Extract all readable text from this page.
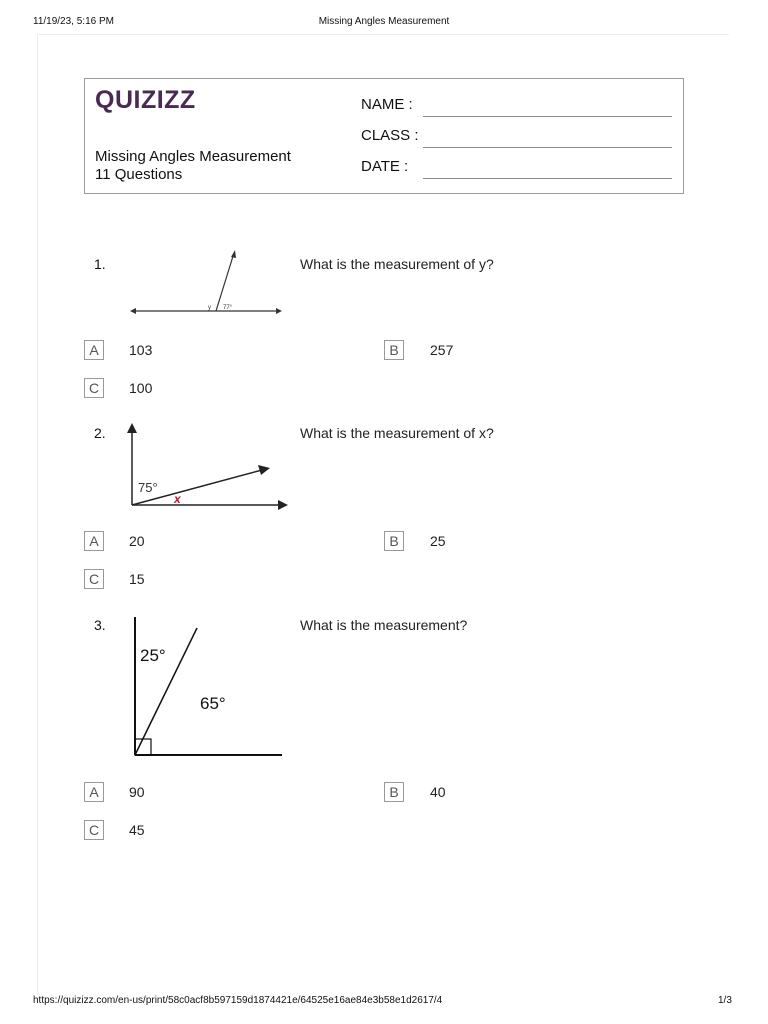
11/19/23, 5:16 PM	Missing Angles Measurement
https://quizizz.com/en-us/print/58c0acf8b597159d1874421e/64525e16ae84e3b58e1d2617/4	1/3
QUIZIZZ
Missing Angles Measurement
11 Questions
NAME :
CLASS :
DATE :
1.	What is the measurement of y?
y 77°
A	103	B	257
C	100
2.	What is the measurement of x?
75°
x
A	20	B	25
C	15
3.	What is the measurement?
25°
65°
A	90	B	40
C	45
